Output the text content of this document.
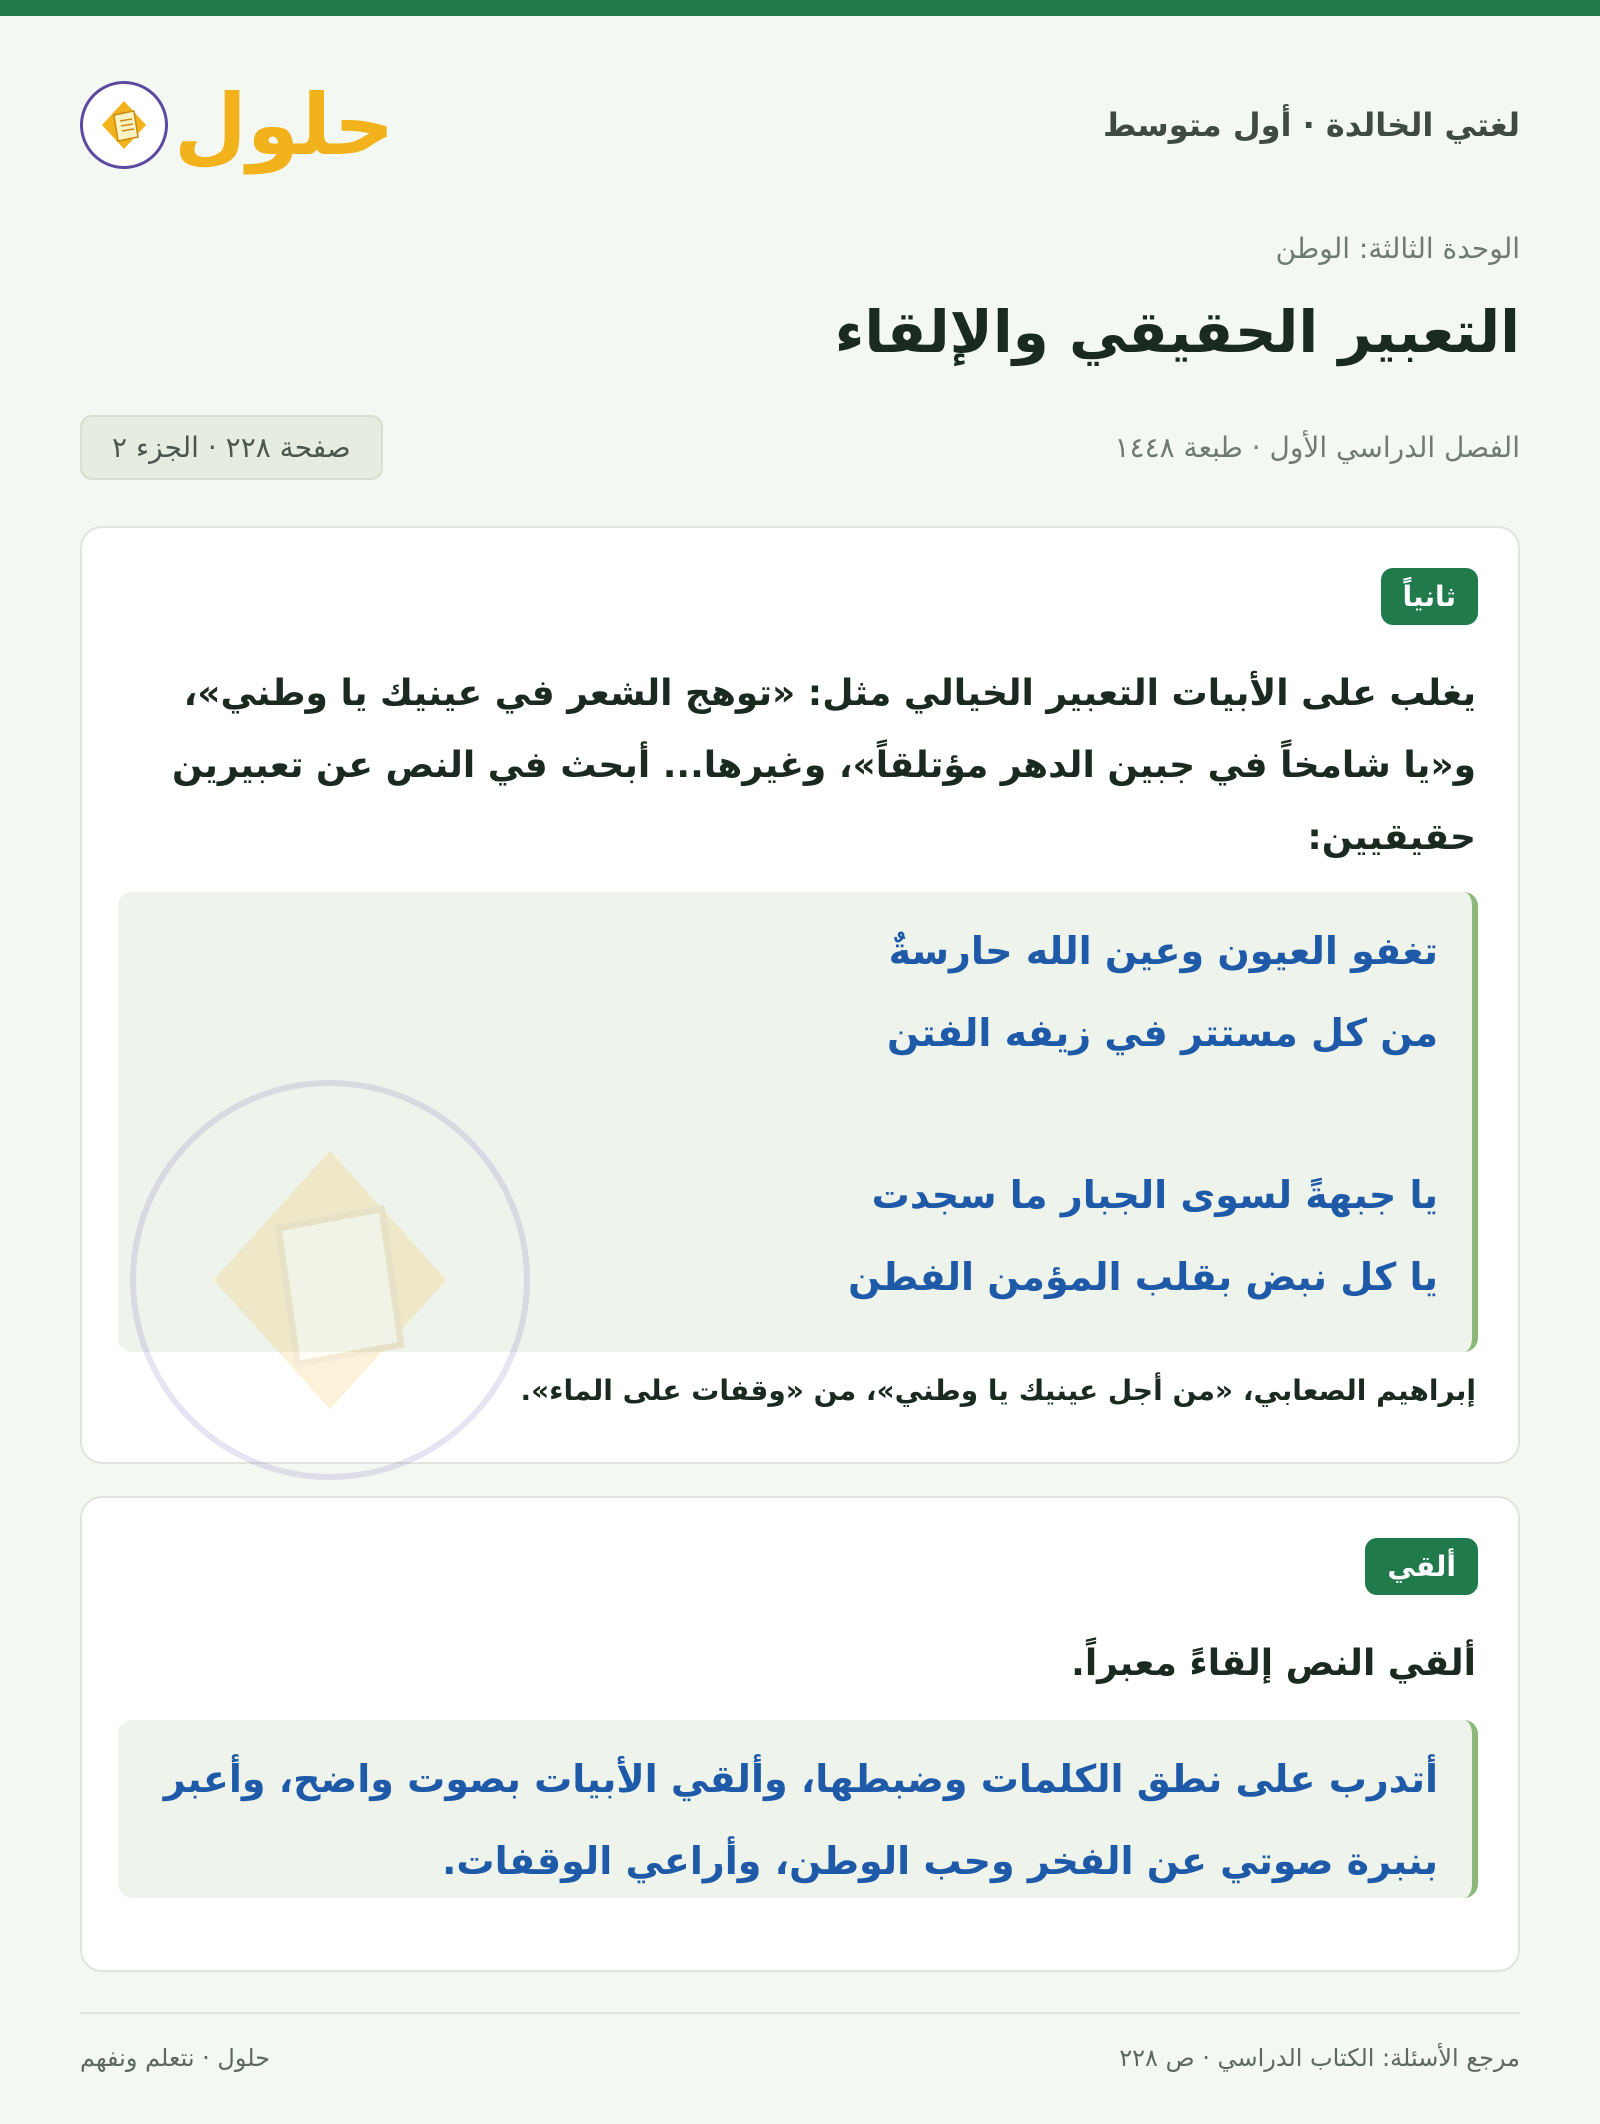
لغتي الخالدة · أول متوسط
حلول
الوحدة الثالثة: الوطن
التعبير الحقيقي والإلقاء
الفصل الدراسي الأول · طبعة ١٤٤٨
صفحة ٢٢٨ · الجزء ٢
ثانياً
يغلب على الأبيات التعبير الخيالي مثل: «توهج الشعر في عينيك يا وطني»، و«يا شامخاً في جبين الدهر مؤتلقاً»، وغيرها... أبحث في النص عن تعبيرين حقيقيين:
تغفو العيون وعين الله حارسةٌ
من كل مستتر في زيفه الفتن
يا جبهةً لسوى الجبار ما سجدت
يا كل نبض بقلب المؤمن الفطن
إبراهيم الصعابي، «من أجل عينيك يا وطني»، من «وقفات على الماء».
ألقي
ألقي النص إلقاءً معبراً.
أتدرب على نطق الكلمات وضبطها، وألقي الأبيات بصوت واضح، وأعبر بنبرة صوتي عن الفخر وحب الوطن، وأراعي الوقفات.
مرجع الأسئلة: الكتاب الدراسي · ص ٢٢٨
حلول · نتعلم ونفهم
